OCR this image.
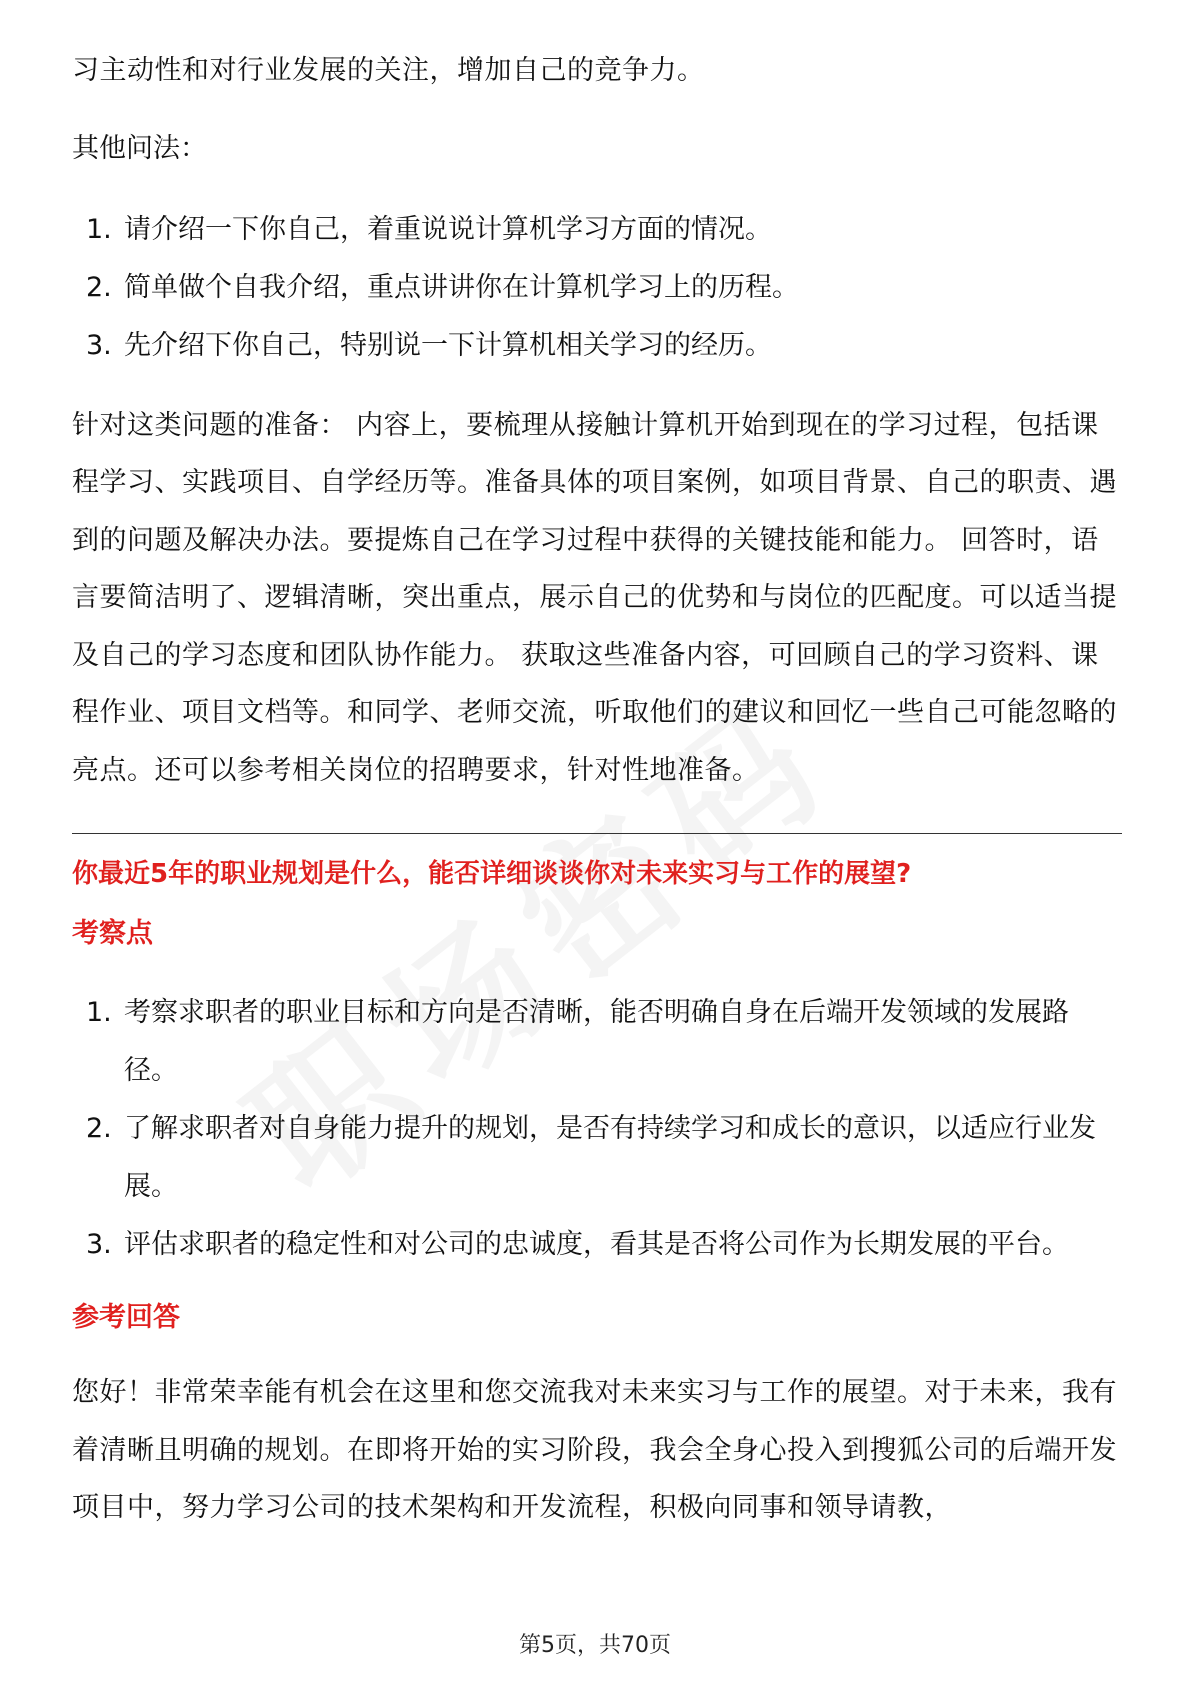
习主动性和对行业发展的关注，增加自己的竞争力。

其他问法：

1. 请介绍一下你自己，着重说说计算机学习方面的情况。
2. 简单做个自我介绍，重点讲讲你在计算机学习上的历程。
3. 先介绍下你自己，特别说一下计算机相关学习的经历。

针对这类问题的准备： 内容上，要梳理从接触计算机开始到现在的学习过程，包括课程学习、实践项目、自学经历等。准备具体的项目案例，如项目背景、自己的职责、遇到的问题及解决办法。要提炼自己在学习过程中获得的关键技能和能力。 回答时，语言要简洁明了、逻辑清晰，突出重点，展示自己的优势和与岗位的匹配度。可以适当提及自己的学习态度和团队协作能力。 获取这些准备内容，可回顾自己的学习资料、课程作业、项目文档等。和同学、老师交流，听取他们的建议和回忆一些自己可能忽略的亮点。还可以参考相关岗位的招聘要求，针对性地准备。

你最近5年的职业规划是什么，能否详细谈谈你对未来实习与工作的展望?

考察点

1. 考察求职者的职业目标和方向是否清晰，能否明确自身在后端开发领域的发展路径。
2. 了解求职者对自身能力提升的规划，是否有持续学习和成长的意识，以适应行业发展。
3. 评估求职者的稳定性和对公司的忠诚度，看其是否将公司作为长期发展的平台。

参考回答

您好！非常荣幸能有机会在这里和您交流我对未来实习与工作的展望。对于未来，我有着清晰且明确的规划。在即将开始的实习阶段，我会全身心投入到搜狐公司的后端开发项目中，努力学习公司的技术架构和开发流程，积极向同事和领导请教，

第5页，共70页
